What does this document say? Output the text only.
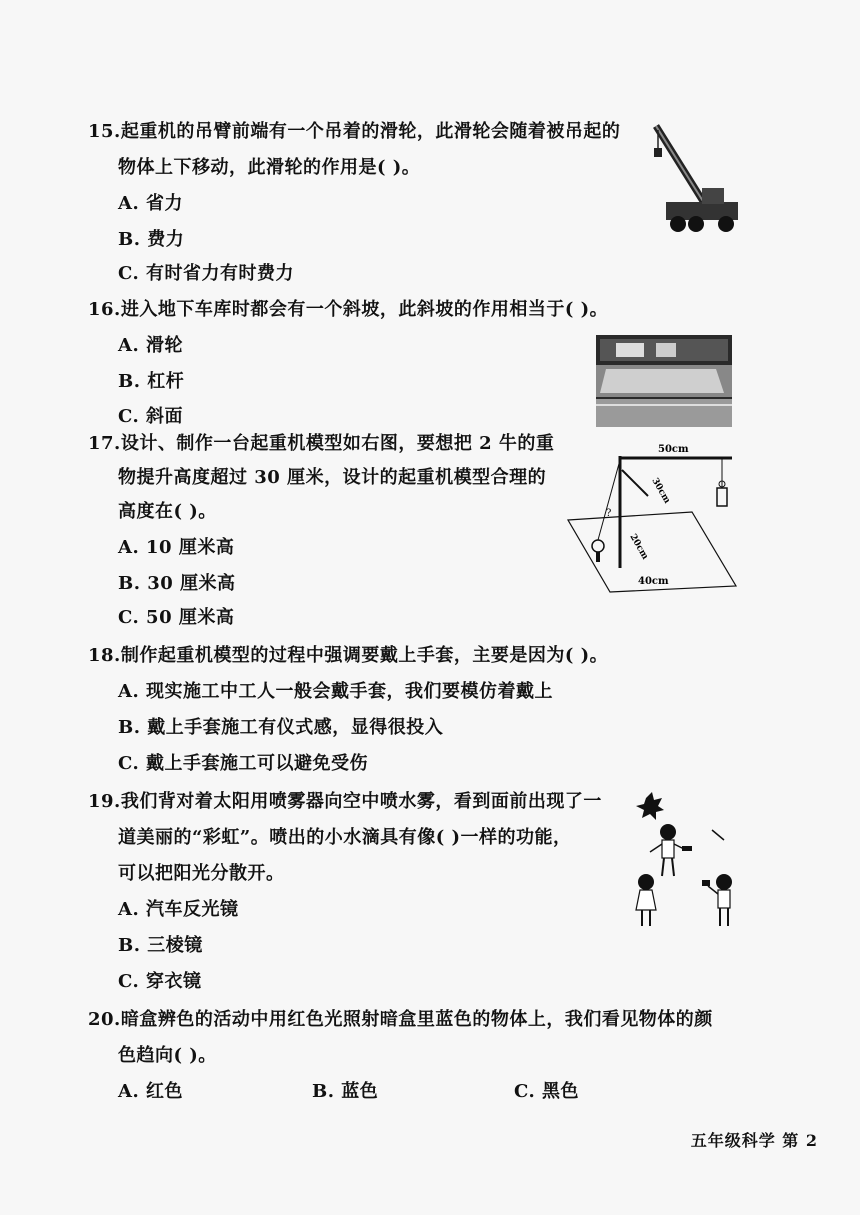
15.起重机的吊臂前端有一个吊着的滑轮，此滑轮会随着被吊起的
物体上下移动，此滑轮的作用是( )。
A. 省力
B. 费力
C. 有时省力有时费力
16.进入地下车库时都会有一个斜坡，此斜坡的作用相当于( )。
A. 滑轮
B. 杠杆
C. 斜面
17.设计、制作一台起重机模型如右图，要想把 2 牛的重
物提升高度超过 30 厘米，设计的起重机模型合理的
高度在( )。
A. 10 厘米高
B. 30 厘米高
C. 50 厘米高
50cm
30cm
20cm
40cm
?
18.制作起重机模型的过程中强调要戴上手套，主要是因为( )。
A. 现实施工中工人一般会戴手套，我们要模仿着戴上
B. 戴上手套施工有仪式感，显得很投入
C. 戴上手套施工可以避免受伤
19.我们背对着太阳用喷雾器向空中喷水雾，看到面前出现了一
道美丽的“彩虹”。喷出的小水滴具有像( )一样的功能，
可以把阳光分散开。
A. 汽车反光镜
B. 三棱镜
C. 穿衣镜
20.暗盒辨色的活动中用红色光照射暗盒里蓝色的物体上，我们看见物体的颜
色趋向( )。
A. 红色	B. 蓝色	C. 黑色
五年级科学 第 2
